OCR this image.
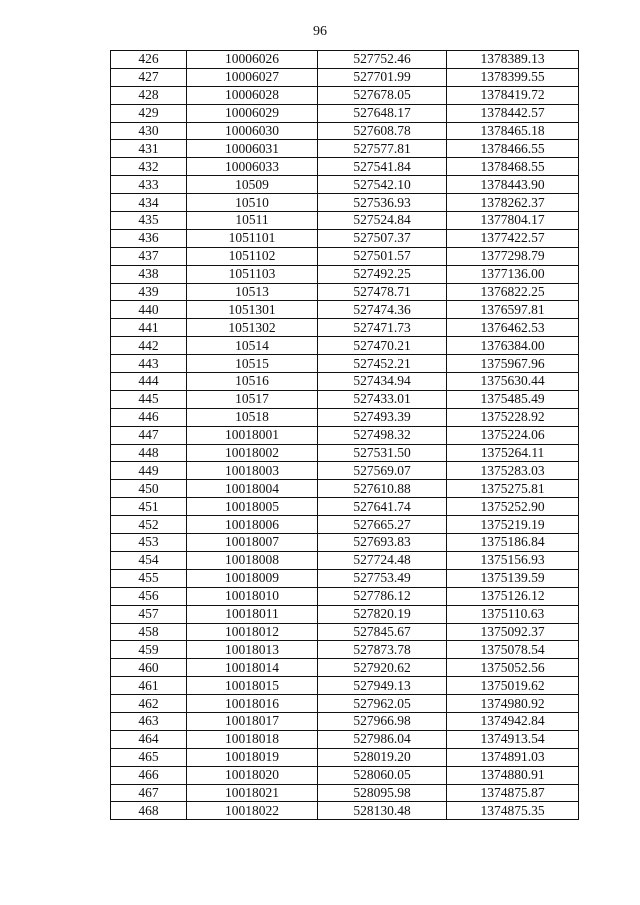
96
426	10006026	527752.46	1378389.13
427	10006027	527701.99	1378399.55
428	10006028	527678.05	1378419.72
429	10006029	527648.17	1378442.57
430	10006030	527608.78	1378465.18
431	10006031	527577.81	1378466.55
432	10006033	527541.84	1378468.55
433	10509	527542.10	1378443.90
434	10510	527536.93	1378262.37
435	10511	527524.84	1377804.17
436	1051101	527507.37	1377422.57
437	1051102	527501.57	1377298.79
438	1051103	527492.25	1377136.00
439	10513	527478.71	1376822.25
440	1051301	527474.36	1376597.81
441	1051302	527471.73	1376462.53
442	10514	527470.21	1376384.00
443	10515	527452.21	1375967.96
444	10516	527434.94	1375630.44
445	10517	527433.01	1375485.49
446	10518	527493.39	1375228.92
447	10018001	527498.32	1375224.06
448	10018002	527531.50	1375264.11
449	10018003	527569.07	1375283.03
450	10018004	527610.88	1375275.81
451	10018005	527641.74	1375252.90
452	10018006	527665.27	1375219.19
453	10018007	527693.83	1375186.84
454	10018008	527724.48	1375156.93
455	10018009	527753.49	1375139.59
456	10018010	527786.12	1375126.12
457	10018011	527820.19	1375110.63
458	10018012	527845.67	1375092.37
459	10018013	527873.78	1375078.54
460	10018014	527920.62	1375052.56
461	10018015	527949.13	1375019.62
462	10018016	527962.05	1374980.92
463	10018017	527966.98	1374942.84
464	10018018	527986.04	1374913.54
465	10018019	528019.20	1374891.03
466	10018020	528060.05	1374880.91
467	10018021	528095.98	1374875.87
468	10018022	528130.48	1374875.35
